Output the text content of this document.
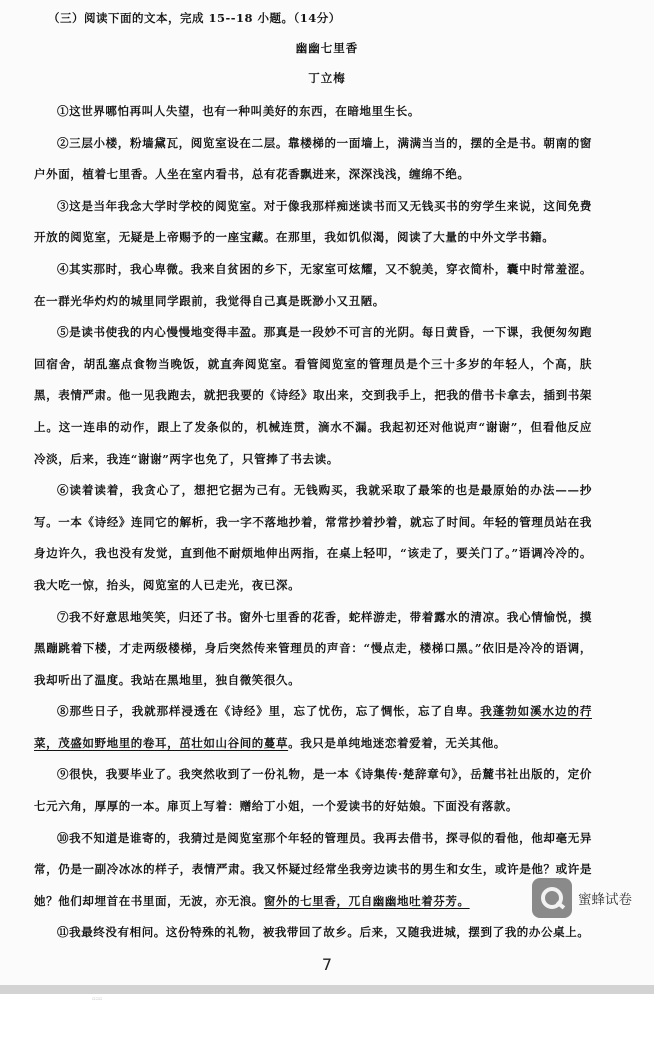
（三）阅读下面的文本，完成 15--18 小题。（14分）
幽幽七里香
丁立梅

①这世界哪怕再叫人失望，也有一种叫美好的东西，在暗地里生长。

②三层小楼，粉墙黛瓦，阅览室设在二层。靠楼梯的一面墙上，满满当当的，摆的全是书。朝南的窗户外面，植着七里香。人坐在室内看书，总有花香飘进来，深深浅浅，缠绵不绝。

③这是当年我念大学时学校的阅览室。对于像我那样痴迷读书而又无钱买书的穷学生来说，这间免费开放的阅览室，无疑是上帝赐予的一座宝藏。在那里，我如饥似渴，阅读了大量的中外文学书籍。

④其实那时，我心卑微。我来自贫困的乡下，无家室可炫耀，又不貌美，穿衣简朴，囊中时常羞涩。在一群光华灼灼的城里同学跟前，我觉得自己真是既渺小又丑陋。

⑤是读书使我的内心慢慢地变得丰盈。那真是一段妙不可言的光阴。每日黄昏，一下课，我便匆匆跑回宿舍，胡乱塞点食物当晚饭，就直奔阅览室。看管阅览室的管理员是个三十多岁的年轻人，个高，肤黑，表情严肃。他一见我跑去，就把我要的《诗经》取出来，交到我手上，把我的借书卡拿去，插到书架上。这一连串的动作，跟上了发条似的，机械连贯，滴水不漏。我起初还对他说声“谢谢”，但看他反应冷淡，后来，我连“谢谢”两字也免了，只管捧了书去读。

⑥读着读着，我贪心了，想把它据为己有。无钱购买，我就采取了最笨的也是最原始的办法——抄写。一本《诗经》连同它的解析，我一字不落地抄着，常常抄着抄着，就忘了时间。年轻的管理员站在我身边许久，我也没有发觉，直到他不耐烦地伸出两指，在桌上轻叩，“该走了，要关门了。”语调冷冷的。我大吃一惊，抬头，阅览室的人已走光，夜已深。

⑦我不好意思地笑笑，归还了书。窗外七里香的花香，蛇样游走，带着露水的清凉。我心情愉悦，摸黑蹦跳着下楼，才走两级楼梯，身后突然传来管理员的声音：“慢点走，楼梯口黑。”依旧是冷冷的语调，我却听出了温度。我站在黑地里，独自微笑很久。

⑧那些日子，我就那样浸透在《诗经》里，忘了忧伤，忘了惆怅，忘了自卑。我蓬勃如溪水边的荇菜，茂盛如野地里的卷耳，茁壮如山谷间的蔓草。我只是单纯地迷恋着爱着，无关其他。

⑨很快，我要毕业了。我突然收到了一份礼物，是一本《诗集传·楚辞章句》，岳麓书社出版的，定价七元六角，厚厚的一本。扉页上写着：赠给丁小姐，一个爱读书的好姑娘。下面没有落款。

⑩我不知道是谁寄的，我猜过是阅览室那个年轻的管理员。我再去借书，探寻似的看他，他却毫无异常，仍是一副冷冰冰的样子，表情严肃。我又怀疑过经常坐我旁边读书的男生和女生，或许是他？或许是她？他们却埋首在书里面，无波，亦无浪。窗外的七里香，兀自幽幽地吐着芬芳。

⑪我最终没有相问。这份特殊的礼物，被我带回了故乡。后来，又随我进城，摆到了我的办公桌上。

7
蜜蜂试卷
▫▫▫
